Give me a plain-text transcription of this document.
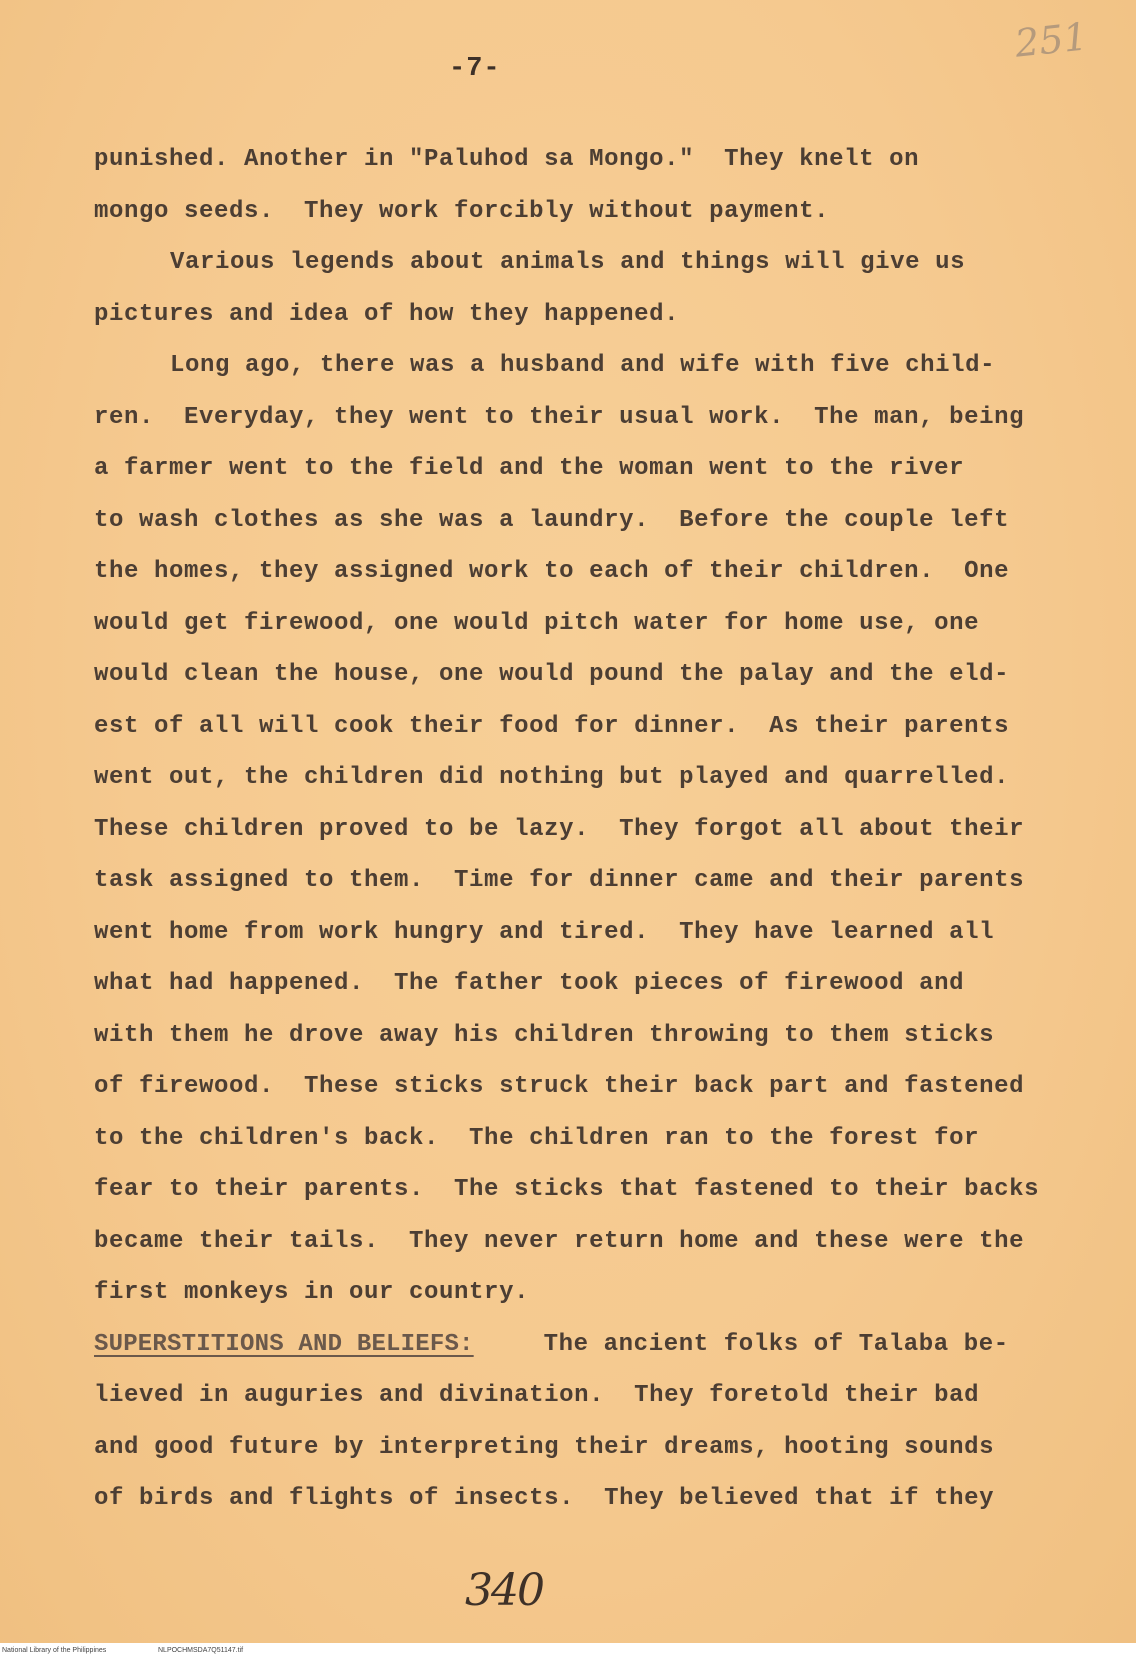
251
-7-
punished. Another in "Paluhod sa Mongo."  They knelt on
mongo seeds.  They work forcibly without payment.
Various legends about animals and things will give us
pictures and idea of how they happened.
Long ago, there was a husband and wife with five child-
ren.  Everyday, they went to their usual work.  The man, being
a farmer went to the field and the woman went to the river
to wash clothes as she was a laundry.  Before the couple left
the homes, they assigned work to each of their children.  One
would get firewood, one would pitch water for home use, one
would clean the house, one would pound the palay and the eld-
est of all will cook their food for dinner.  As their parents
went out, the children did nothing but played and quarrelled.
These children proved to be lazy.  They forgot all about their
task assigned to them.  Time for dinner came and their parents
went home from work hungry and tired.  They have learned all
what had happened.  The father took pieces of firewood and
with them he drove away his children throwing to them sticks
of firewood.  These sticks struck their back part and fastened
to the children's back.  The children ran to the forest for
fear to their parents.  The sticks that fastened to their backs
became their tails.  They never return home and these were the
first monkeys in our country.
SUPERSTITIONS AND BELIEFS:	The ancient folks of Talaba be-
lieved in auguries and divination.  They foretold their bad
and good future by interpreting their dreams, hooting sounds
of birds and flights of insects.  They believed that if they
340
National Library of the Philippines	NLPOCHMSDA7Q51147.tif
